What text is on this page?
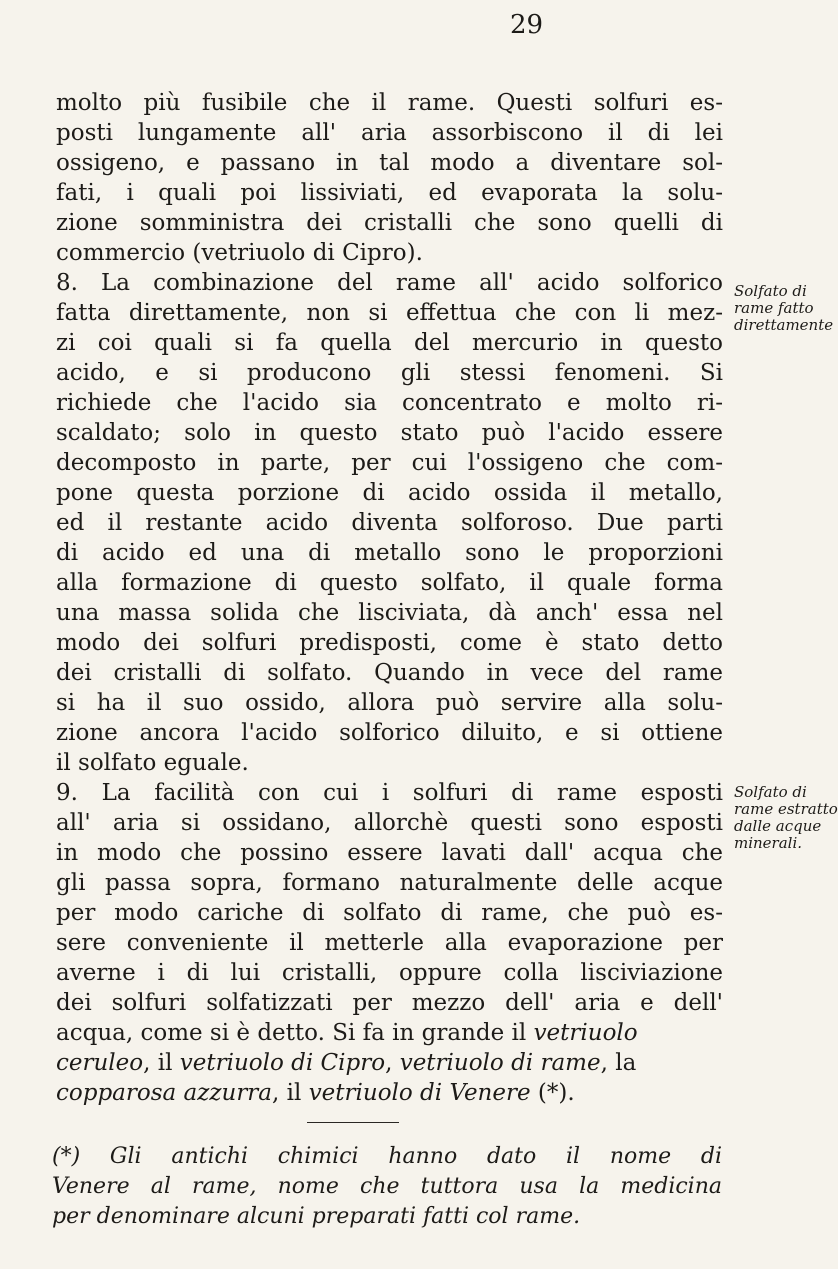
29
molto più fusibile che il rame. Questi solfuri es-
posti lungamente all' aria assorbiscono il di lei
ossigeno, e passano in tal modo a diventare sol-
fati, i quali poi lissiviati, ed evaporata la solu-
zione somministra dei cristalli che sono quelli di
commercio (vetriuolo di Cipro).
8. La combinazione del rame all' acido solforico
fatta direttamente, non si effettua che con li mez-
zi coi quali si fa quella del mercurio in questo
acido, e si producono gli stessi fenomeni. Si
richiede che l'acido sia concentrato e molto ri-
scaldato; solo in questo stato può l'acido essere
decomposto in parte, per cui l'ossigeno che com-
pone questa porzione di acido ossida il metallo,
ed il restante acido diventa solforoso. Due parti
di acido ed una di metallo sono le proporzioni
alla formazione di questo solfato, il quale forma
una massa solida che lisciviata, dà anch' essa nel
modo dei solfuri predisposti, come è stato detto
dei cristalli di solfato. Quando in vece del rame
si ha il suo ossido, allora può servire alla solu-
zione ancora l'acido solforico diluito, e si ottiene
il solfato eguale.
9. La facilità con cui i solfuri di rame esposti
all' aria si ossidano, allorchè questi sono esposti
in modo che possino essere lavati dall' acqua che
gli passa sopra, formano naturalmente delle acque
per modo cariche di solfato di rame, che può es-
sere conveniente il metterle alla evaporazione per
averne i di lui cristalli, oppure colla lisciviazione
dei solfuri solfatizzati per mezzo dell' aria e dell'
acqua, come si è detto. Si fa in grande il vetriuolo
ceruleo, il vetriuolo di Cipro, vetriuolo di rame, la
copparosa azzurra, il vetriuolo di Venere (*).
Solfato di
rame fatto
direttamente
Solfato di
rame estratto
dalle acque
minerali.
(*) Gli antichi chimici hanno dato il nome di
Venere al rame, nome che tuttora usa la medicina
per denominare alcuni preparati fatti col rame.
